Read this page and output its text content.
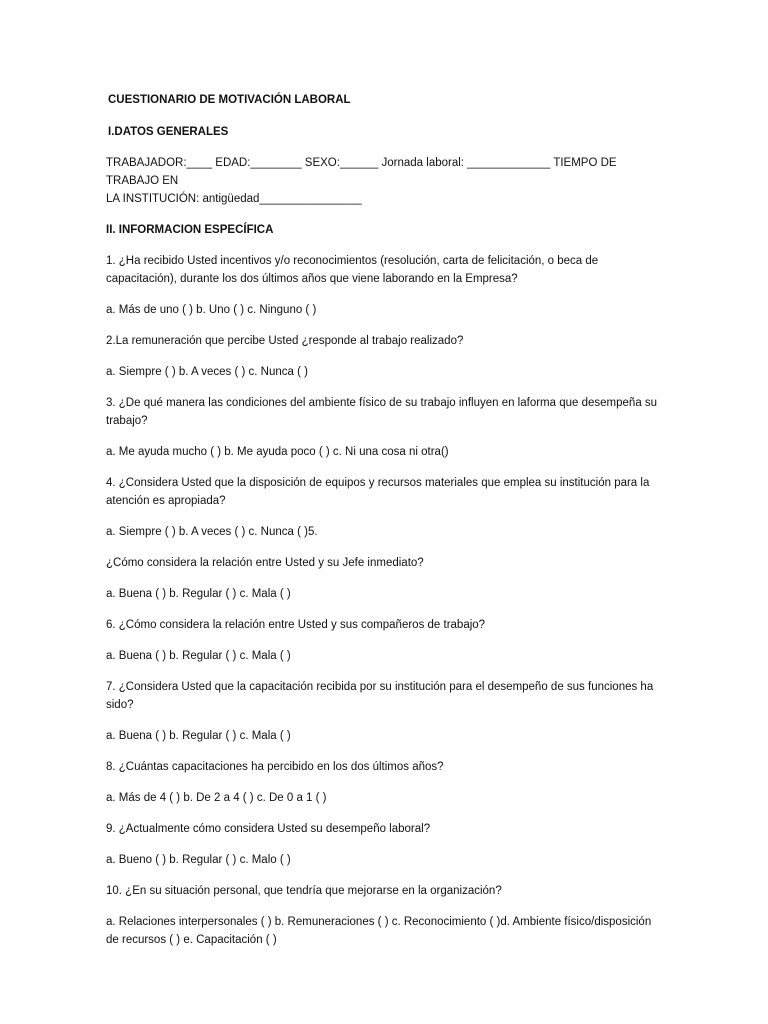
CUESTIONARIO DE MOTIVACIÓN LABORAL
I.DATOS GENERALES
TRABAJADOR:____ EDAD:________ SEXO:______ Jornada laboral: _____________ TIEMPO DE TRABAJO EN
LA INSTITUCIÓN: antigüedad________________
II. INFORMACION ESPECÍFICA
1. ¿Ha recibido Usted incentivos y/o reconocimientos (resolución, carta de felicitación, o beca de
capacitación), durante los dos últimos años que viene laborando en la Empresa?
a. Más de uno ( ) b. Uno ( ) c. Ninguno ( )
2.La remuneración que percibe Usted ¿responde al trabajo realizado?
a. Siempre ( ) b. A veces ( ) c. Nunca ( )
3. ¿De qué manera las condiciones del ambiente físico de su trabajo influyen en laforma que desempeña su
trabajo?
a. Me ayuda mucho ( ) b. Me ayuda poco ( ) c. Ni una cosa ni otra()
4. ¿Considera Usted que la disposición de equipos y recursos materiales que emplea su institución para la
atención es apropiada?
a. Siempre ( ) b. A veces ( ) c. Nunca ( )5.
¿Cómo considera la relación entre Usted y su Jefe inmediato?
a. Buena ( ) b. Regular ( ) c. Mala ( )
6. ¿Cómo considera la relación entre Usted y sus compañeros de trabajo?
a. Buena ( ) b. Regular ( ) c. Mala ( )
7. ¿Considera Usted que la capacitación recibida por su institución para el desempeño de sus funciones ha
sido?
a. Buena ( ) b. Regular ( ) c. Mala ( )
8. ¿Cuántas capacitaciones ha percibido en los dos últimos años?
a. Más de 4 ( ) b. De 2 a 4 ( ) c. De 0 a 1 ( )
9. ¿Actualmente cómo considera Usted su desempeño laboral?
a. Bueno ( ) b. Regular ( ) c. Malo ( )
10. ¿En su situación personal, que tendría que mejorarse en la organización?
a. Relaciones interpersonales ( ) b. Remuneraciones ( ) c. Reconocimiento ( )d. Ambiente físico/disposición
de recursos ( ) e. Capacitación ( )
